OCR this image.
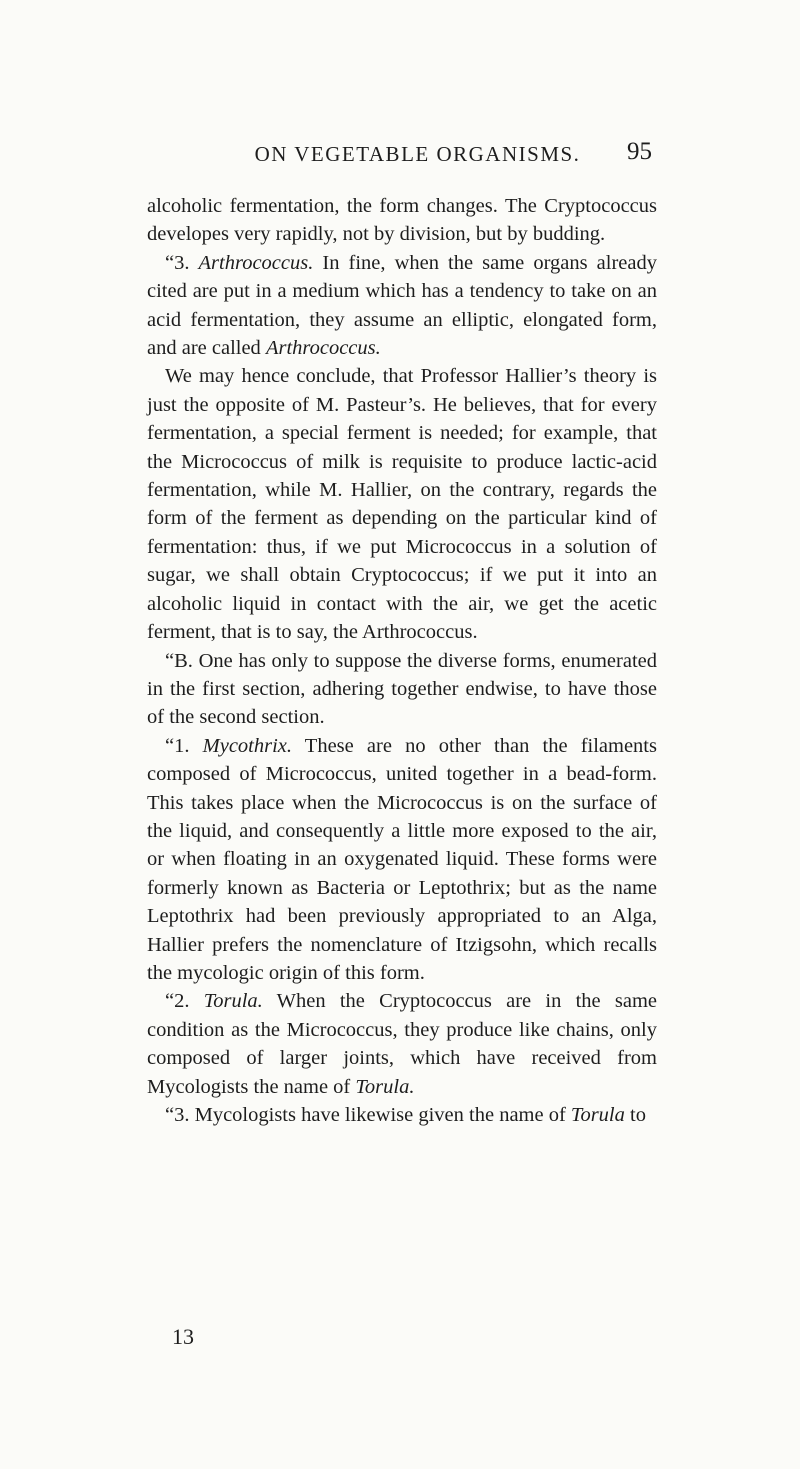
ON VEGETABLE ORGANISMS.	95

alcoholic fermentation, the form changes. The Cryptococcus developes very rapidly, not by division, but by budding.

“3. Arthrococcus. In fine, when the same organs already cited are put in a medium which has a tendency to take on an acid fermentation, they assume an elliptic, elongated form, and are called Arthrococcus.

We may hence conclude, that Professor Hallier’s theory is just the opposite of M. Pasteur’s. He believes, that for every fermentation, a special ferment is needed; for example, that the Micrococcus of milk is requisite to produce lactic-acid fermentation, while M. Hallier, on the contrary, regards the form of the ferment as depending on the particular kind of fermentation: thus, if we put Micrococcus in a solution of sugar, we shall obtain Cryptococcus; if we put it into an alcoholic liquid in contact with the air, we get the acetic ferment, that is to say, the Arthrococcus.

“B. One has only to suppose the diverse forms, enumerated in the first section, adhering together endwise, to have those of the second section.

“1. Mycothrix. These are no other than the filaments composed of Micrococcus, united together in a bead-form. This takes place when the Micrococcus is on the surface of the liquid, and consequently a little more exposed to the air, or when floating in an oxygenated liquid. These forms were formerly known as Bacteria or Leptothrix; but as the name Leptothrix had been previously appropriated to an Alga, Hallier prefers the nomenclature of Itzigsohn, which recalls the mycologic origin of this form.

“2. Torula. When the Cryptococcus are in the same condition as the Micrococcus, they produce like chains, only composed of larger joints, which have received from Mycologists the name of Torula.

“3. Mycologists have likewise given the name of Torula to

13
